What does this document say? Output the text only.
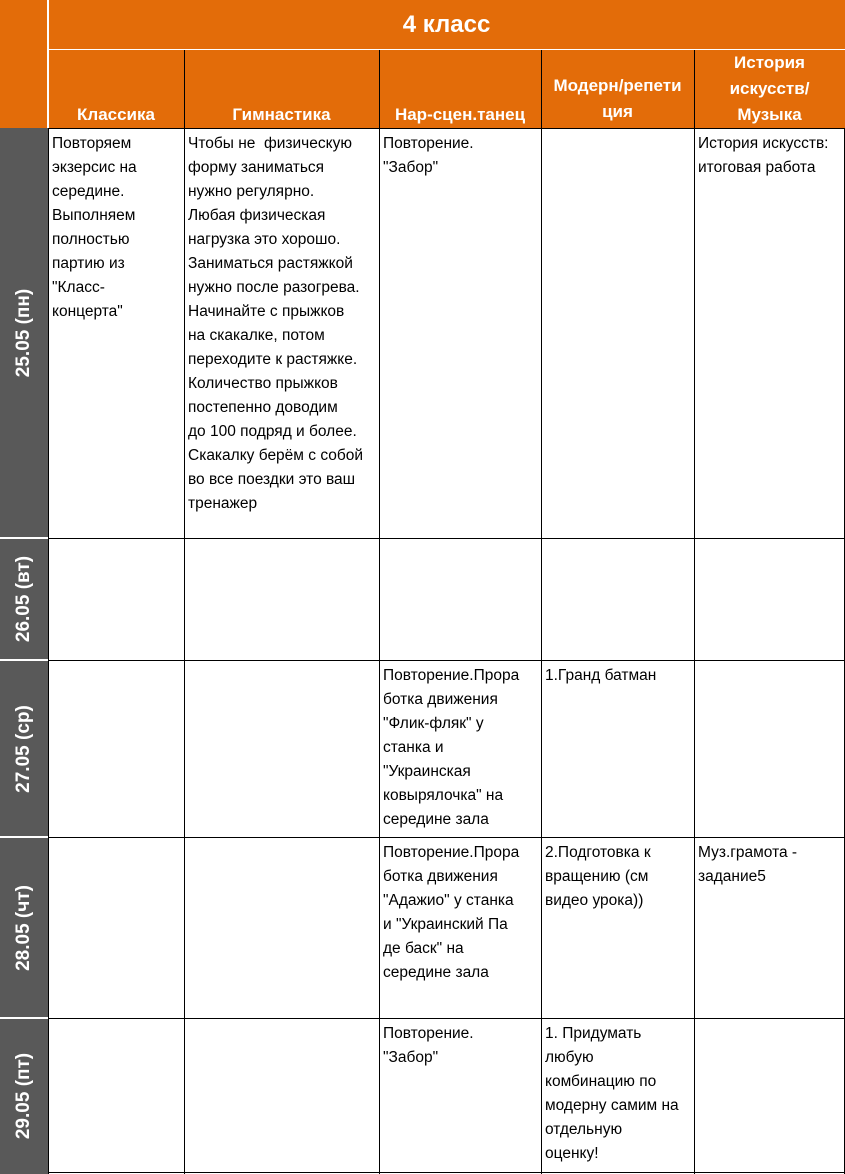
4 класс
Классика	Гимнастика	Нар-сцен.танец
Модерн/репети
ция
История
искусств/
Музыка
25.05 (пн)
26.05 (вт)
27.05 (ср)
28.05 (чт)
29.05 (пт)
Повторяем
экзерсис на
середине.
Выполняем
полностью
партию из
"Класс-
концерта"
Чтобы не  физическую
форму заниматься
нужно регулярно.
Любая физическая
нагрузка это хорошо.
Заниматься растяжкой
нужно после разогрева.
Начинайте с прыжков
на скакалке, потом
переходите к растяжке.
Количество прыжков
постепенно доводим
до 100 подряд и более.
Скакалку берём с собой
во все поездки это ваш
тренажер
Повторение.
"Забор"
История искусств:
итоговая работа
Повторение.Прора
ботка движения
"Флик-фляк" у
станка и
"Украинская
ковырялочка" на
середине зала
1.Гранд батман
Повторение.Прора
ботка движения
"Адажио" у станка
и "Украинский Па
де баск" на
середине зала
2.Подготовка к
вращению (см
видео урока))
Муз.грамота -
задание5
Повторение.
"Забор"
1. Придумать
любую
комбинацию по
модерну самим на
отдельную
оценку!
